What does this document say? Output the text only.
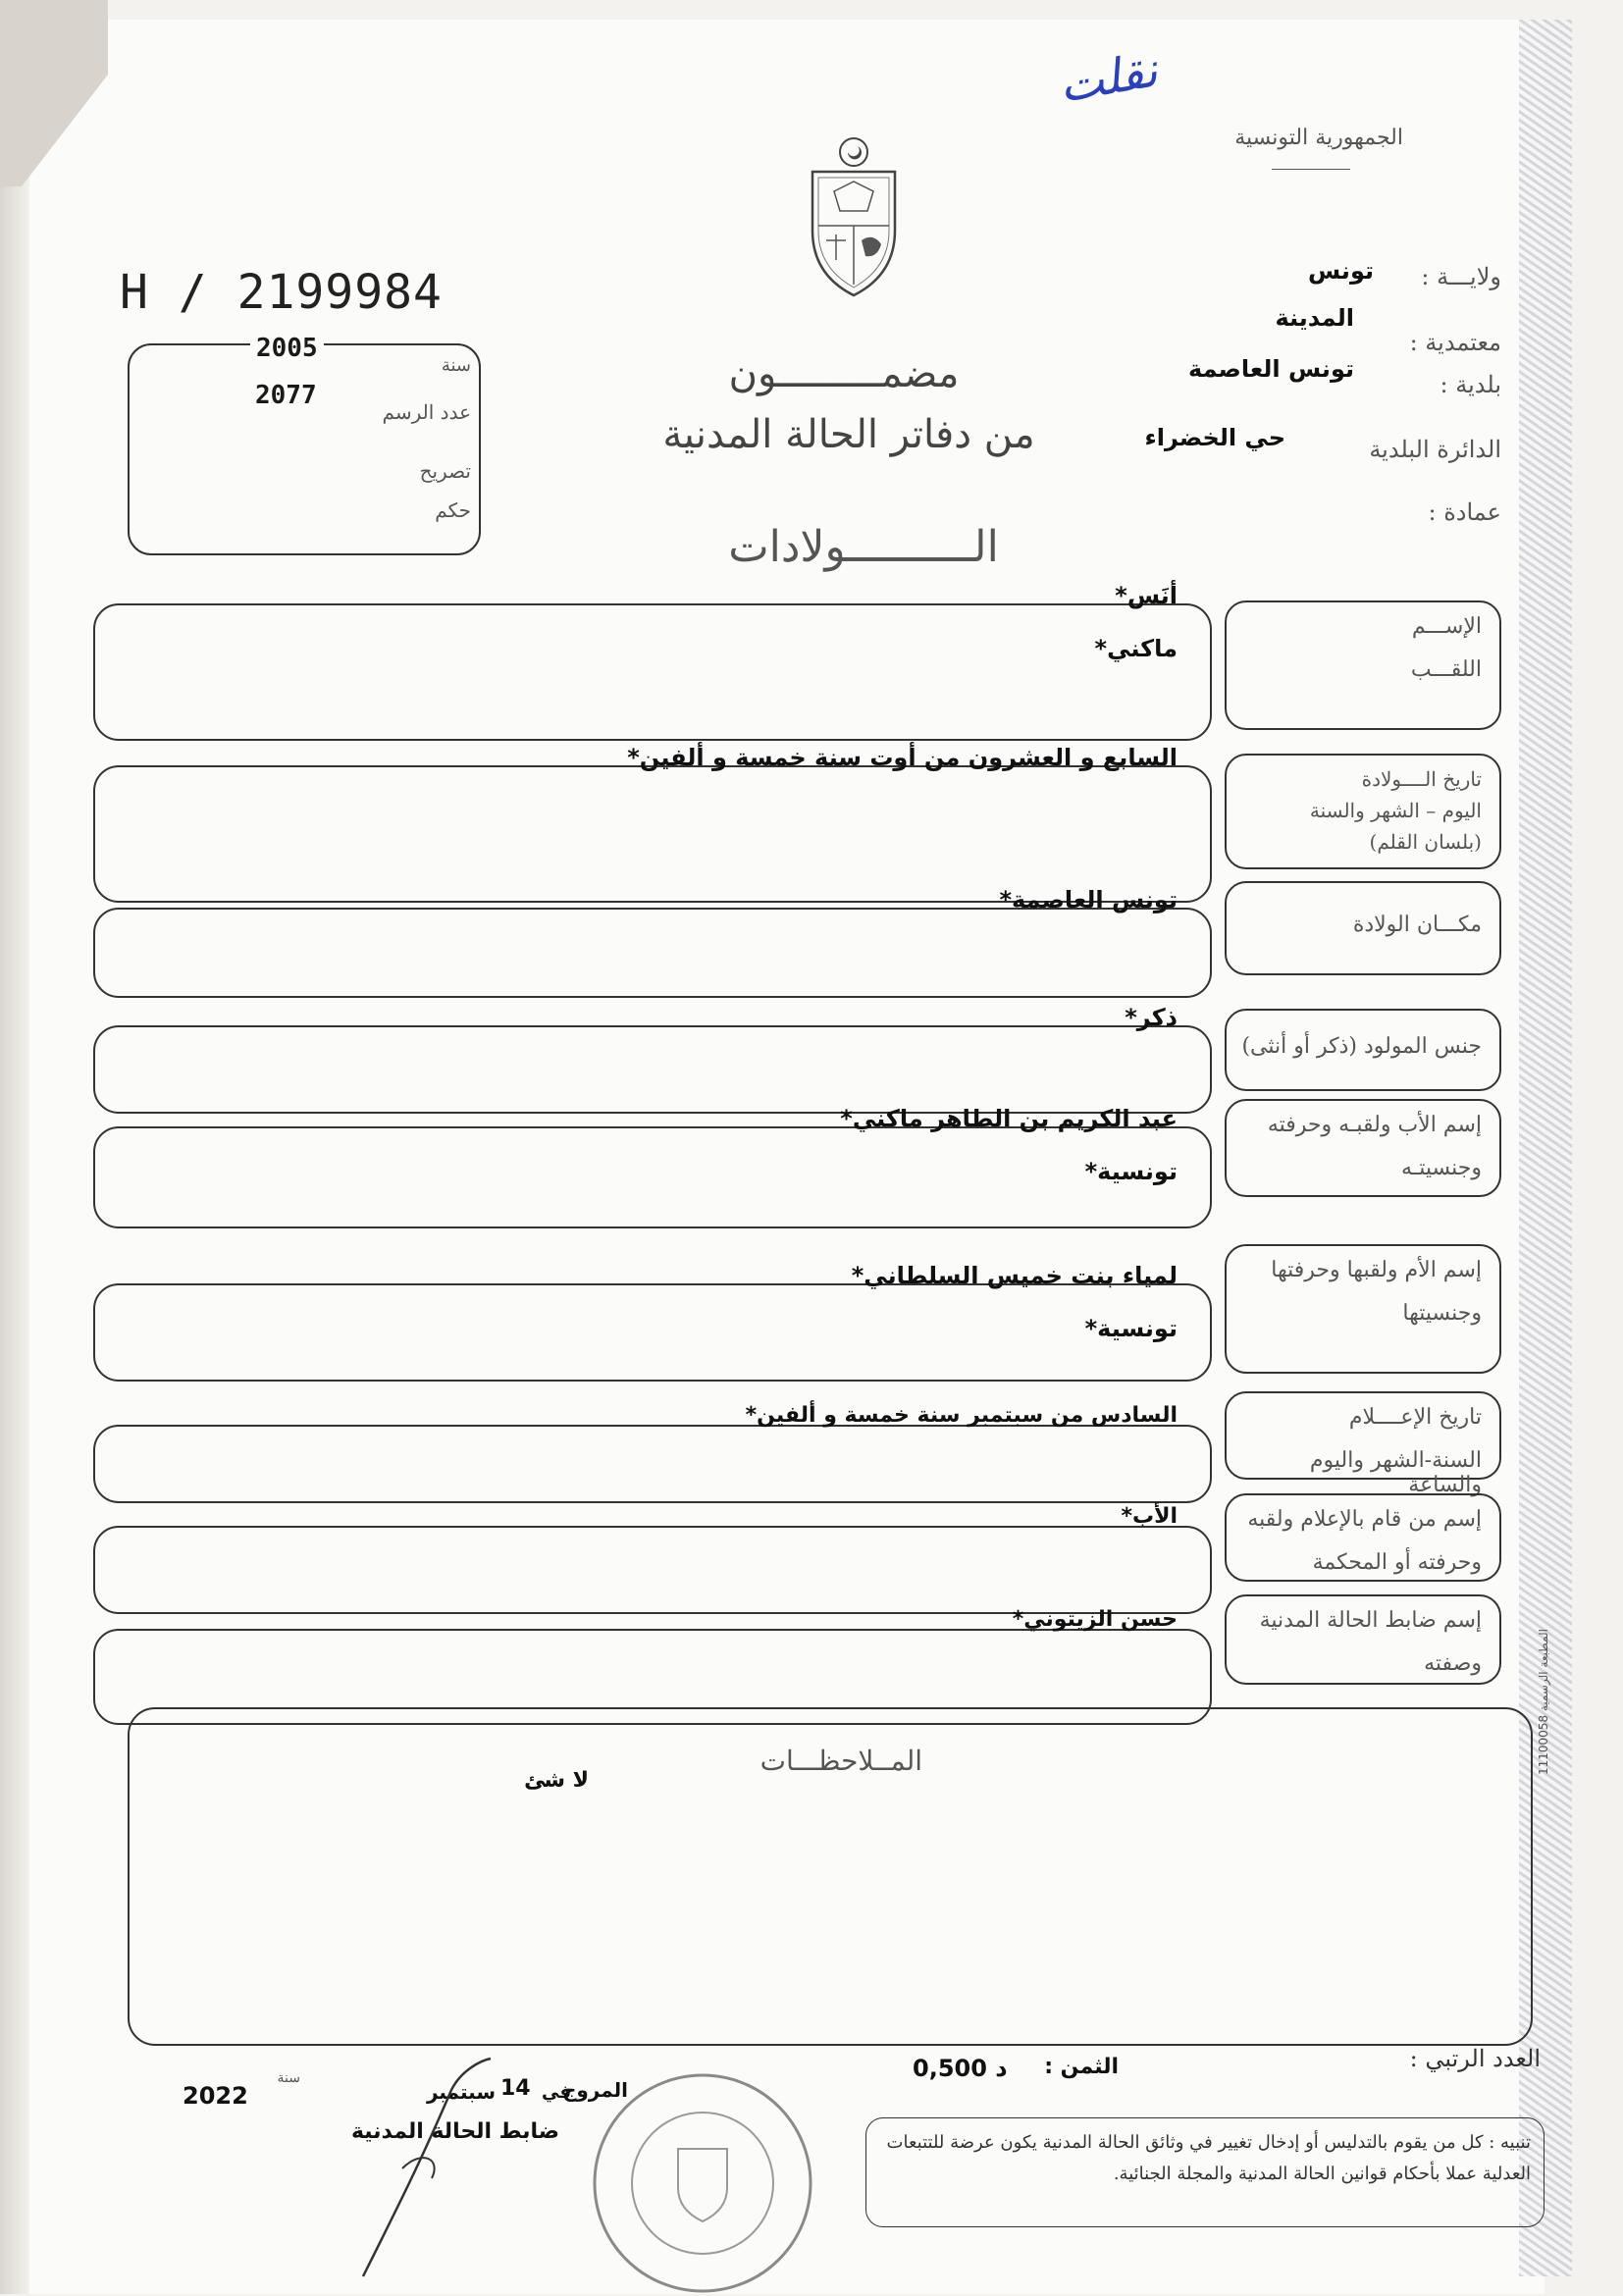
نقلت
الجمهورية التونسية
H / 2199984	ولايـــة :
تونس
معتمدية :
المدينة
بلدية :
تونس العاصمة
الدائرة البلدية
حي الخضراء
عمادة :
2005
2077
سنة
عدد الرسم
تصريح
حكم
مضمـــــــــون
من دفاتر الحالة المدنية
الــــــــــولادات
الإســـم
اللقـــب
أنَس*
ماكني*
تاريخ الــــولادة
اليوم – الشهر والسنة
(بلسان القلم)
السابع و العشرون من أوت سنة خمسة و ألفين*
مكـــان الولادة
تونس العاصمة*
جنس المولود (ذكر أو أنثى)
ذكر*
إسم الأب ولقبـه وحرفته
وجنسيتـه
عبد الكريم بن الطاهر ماكني*
تونسية*
إسم الأم ولقبها وحرفتها
وجنسيتها
لمياء بنت خميس السلطاني*
تونسية*
تاريخ الإعــــلام
السنة-الشهر واليوم والساعة
السادس من سبتمبر سنة خمسة و ألفين*
إسم من قام بالإعلام ولقبه
وحرفته أو المحكمة
الأب*
إسم ضابط الحالة المدنية
وصفته
حسن الزيتوني*
المــلاحظـــات
لا شئ
العدد الرتبي :
الثمن :
0,500 د
المروج
في
14
سبتمبر
سنة
2022
ضابط الحالة المدنية	تنبيه : كل من يقوم بالتدليس أو إدخال تغيير في وثائق الحالة المدنية يكون عرضة للتتبعات العدلية عملا بأحكام قوانين الحالة المدنية والمجلة الجنائية.
المطبعة الرسمية 11100058
